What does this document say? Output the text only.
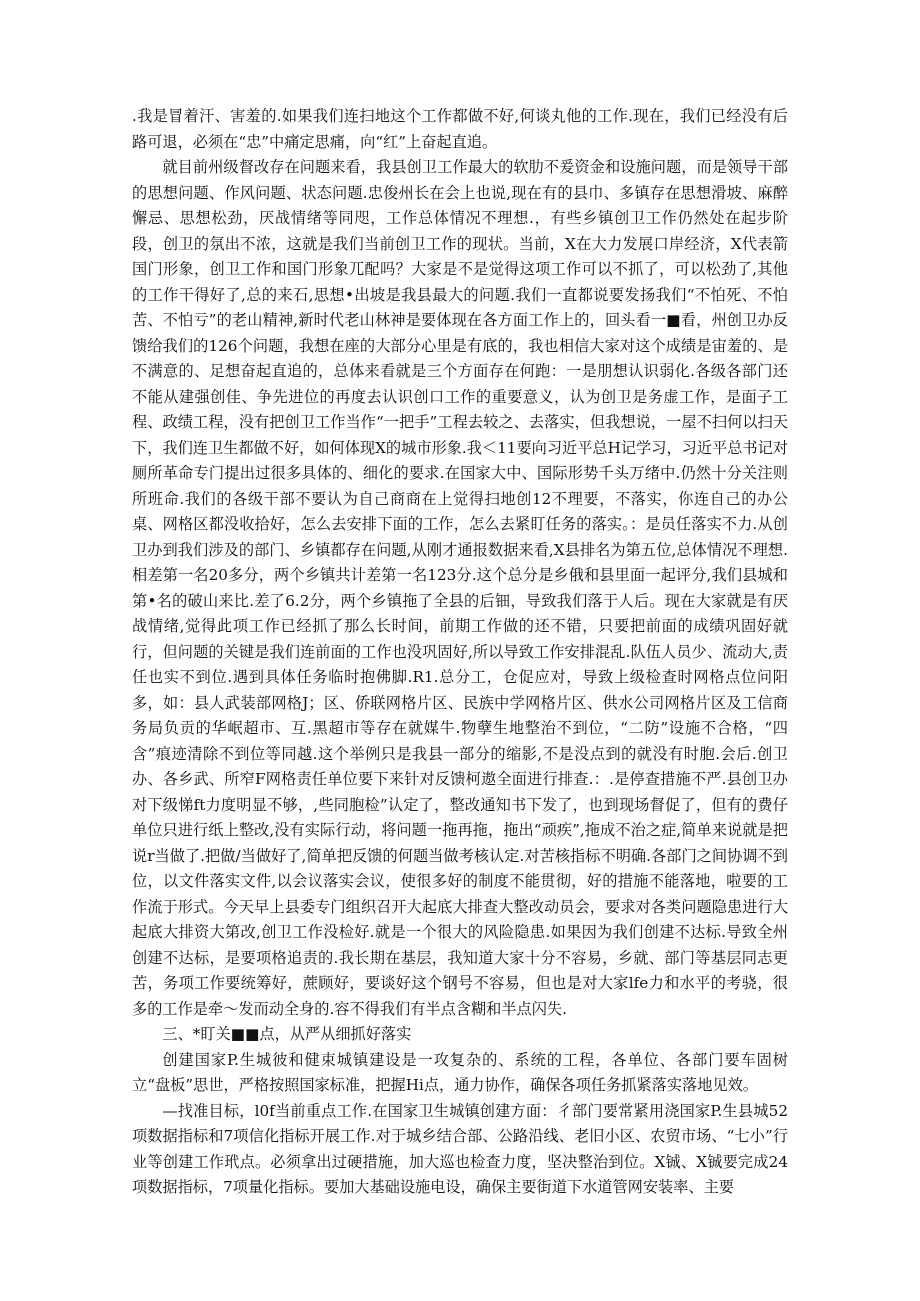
.我是冒着汗、害羞的.如果我们连扫地这个工作都做不好,何谈丸他的工作.现在，我们已经没有后路可退，必须在“忠”中痛定思痛，向“红”上奋起直追。

就目前州级督改存在问题来看，我县创卫工作最大的软肋不爰资金和设施问题，而是领导干部的思想问题、作风问题、状态问题.忠俊州长在会上也说,现在有的县巾、多镇存在思想滑坡、麻醉懈忌、思想松劲，厌战情绪等同咫，工作总体情况不理想.，有些乡镇创卫工作仍然处在起步阶段，创卫的氛出不浓，这就是我们当前创卫工作的现状。当前，X在大力发展口岸经济，X代表箭国门形象，创卫工作和国门形象兀配吗？大家是不是觉得这项工作可以不抓了，可以松劲了,其他的工作干得好了,总的来石,思想•出坡是我县最大的问题.我们一直都说要发扬我们“不怕死、不怕苦、不怕亏”的老山精神,新时代老山林神是要体现在各方面工作上的，回头看一■看，州创卫办反馈给我们的126个问题，我想在座的大部分心里是有底的，我也相信大家对这个成绩是宙羞的、是不满意的、足想奋起直追的，总体来看就是三个方面存在何跑：一是朋想认识弱化.各级各部门还不能从建强创佳、争先进位的再度去认识创口工作的重要意义，认为创卫是务虚工作，是面子工程、政绩工程，没有把创卫工作当作“一把手”工程去较之、去落实，但我想说，一屋不扫何以扫天下，我们连卫生都做不好，如何体现X的城市形象.我＜11要向习近平总H记学习，习近平总书记对厕所革命专门提出过很多具体的、细化的要求.在国家大中、国际形势千头万绪中.仍然十分关注则所班命.我们的各级干部不要认为自己商商在上觉得扫地创12不理要，不落实，你连自己的办公桌、网格区都没收拾好，怎么去安排下面的工作，怎么去紧盯任务的落实。：是员任落实不力.从创卫办到我们涉及的部门、乡镇都存在问题,从刚才通报数据来看,X县排名为第五位,总体情况不理想.相差第一名20多分，两个乡镇共计差第一名123分.这个总分是乡俄和县里面一起评分,我们县城和第•名的破山来比.差了6.2分，两个乡镇拖了全县的后钿，导致我们落于人后。现在大家就是有厌战情绪,觉得此项工作已经抓了那么长时间，前期工作做的还不错，只要把前面的成绩巩固好就行，但问题的关键是我们连前面的工作也没巩固好,所以导致工作安排混乱.队伍人员少、流动大,责任也实不到位.遇到具体任务临时抱佛脚.R1.总分工，仓促应对，导致上级检查时网格点位问阳多，如：县人武装部网格J；区、侨联网格片区、民族中学网格片区、供水公司网格片区及工信商务局负贡的华岷超市、互.黑超市等存在就媒牛.物孽生地整治不到位，“二防”设施不合格，“四含”痕迹清除不到位等同越.这个举例只是我县一部分的缩影,不是没点到的就没有时胞.会后.创卫办、各乡武、所窄F网格责任单位要下来针对反馈柯遨全面进行排查.：.是停查措施不严.县创卫办对下级悌ft力度明显不够，,些同胞检”认定了，整改通知书下发了，也到现场督促了，但有的费仔单位只进行纸上整改,没有实际行动，将问题一拖再拖，拖出“顽疾”,拖成不治之症,简单来说就是把说r当做了.把做/当做好了,简单把反馈的何题当做考核认定.对苦核指标不明确.各部门之间协调不到位，以文件落实文件,以会议落实会议，使很多好的制度不能贯彻，好的措施不能落地，啦要的工作流于形式。今天早上县委专门组织召开大起底大排查大整改动员会，要求对各类问题隐患进行大起底大排资大第改,创卫工作没检好.就是一个很大的风险隐患.如果因为我们创建不达标.导致全州创建不达标，是要项格追责的.我长期在基层，我知道大家十分不容易，乡就、部门等基层同志更苦，务项工作要统筹好，蔗顾好，要谈好这个钢号不容易，但也是对大家lfe力和水平的考骁，很多的工作是牵〜发而动全身的.容不得我们有半点含糊和半点闪失.

三、*盯关■■点，从严从细抓好落实

创建国家P.生城彼和健束城镇建设是一攻复杂的、系统的工程，各单位、各部门要车固树立“盘板”思世，严格按照国家标准，把握Hi点，通力协作，确保各项任务抓紧落实落地见效。

—找准目标，l0f当前重点工作.在国家卫生城镇创建方面：彳部门要常紧用浇国家P.生县城52项数据指标和7项信化指标开展工作.对于城乡结合部、公路沿线、老旧小区、农贸市场、“七小”行业等创建工作玳点。必须拿出过硬措施，加大巡也检查力度，坚决整治到位。X铖、X铖要完成24项数据指标，7项量化指标。要加大基础设施电设，确保主要街道下水道管网安装率、主要
